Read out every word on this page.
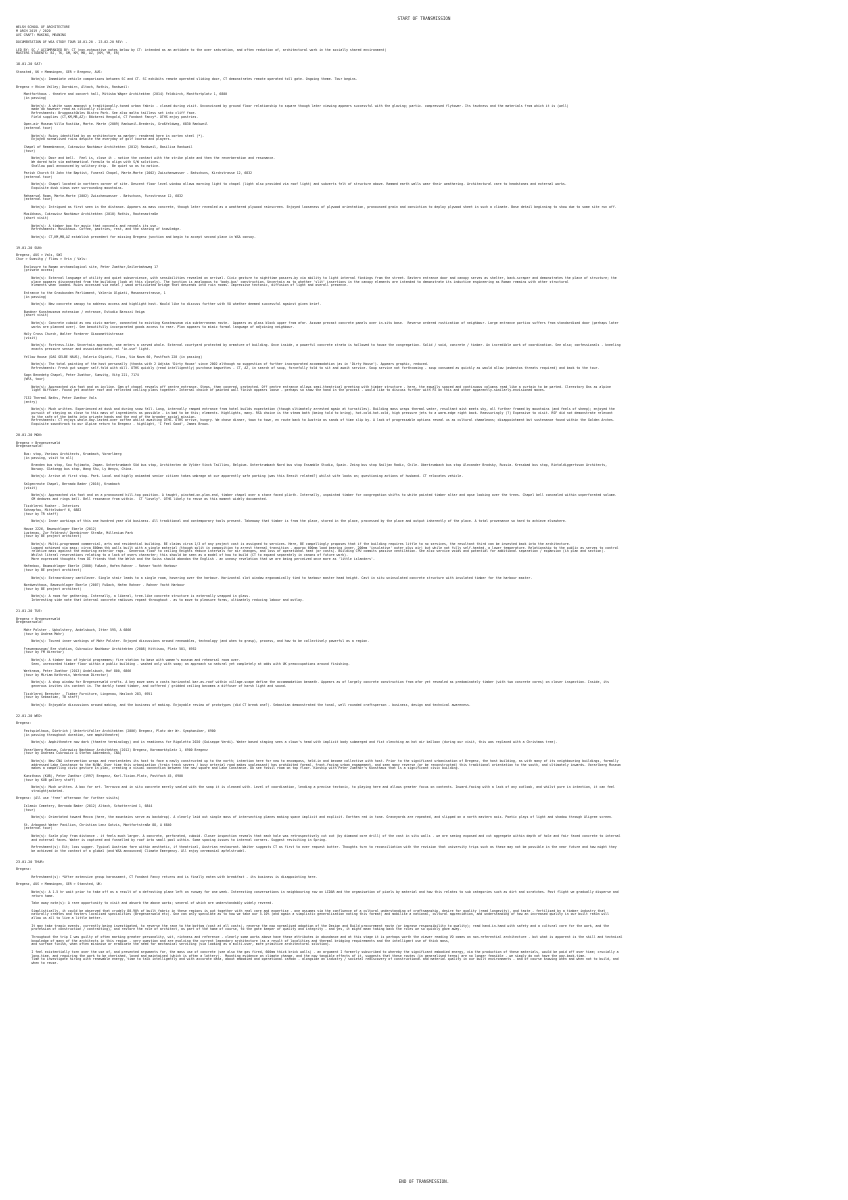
START OF TRANSMISSION
WELSH SCHOOL OF ARCHITECTURE
M ARCH 2019 / 2020
AVI CRAFT: MAKING, MEANING

DOCUMENTATION OF WSA STUDY TOUR 18.01.20 - 23.02.20 REV: -

LED BY: SC / ACCOMPANIED BY: CT (non-exhaustive notes below by CT: intended as an antidote to the over saturation, and often reduction of, architectural work in the socially shared environment)
MASTERS STUDENTS: BJ, TK, GM, KM, MB, AZ, (KM, YM, ER)
18.01.20 SAT:
Stansted, UK > Memmingen, GER > Bregenz, AUS:

Note(s): Immediate vehicle comparisons between SC and CT. SC exhibits remote operated sliding door, CT demonstrates remote operated toll gate. Ongoing theme. Tour begins.

Bregenz > Rhine Valley; Dornbirn, Altach, Rothis, Rankweil:

Montforthaus - theatre and concert hall, Mitiska Wäger Architekten (2014) Feldkirch, Montfortplatz 1, 6800
(in passing)

Note(s): A white swan amongst a traditionally-toned urban fabric - closed during visit. Unconvinced by ground floor relationship to square though later viewing appears successful with the glazing; partic. compressed flytower. Its tautness and the materials from which it is (well)
made do however read as civically clinical.
Refreshments: Bruggasstübles Bistro Pork. See also malta tailless set into cliff face.
Field supplies (CT,KM,MB,AZ): Bäckerei Hengold, CT Fondant Fancy*. OTHS enjoy pastries.

Open-air Museum Villa Rustika, Marte. Marte (2009) Rankweil-Brederis, Großfeldweg, 6830 Rankweil
(external tour)

Note(s): Ruins identified by an architecture as marker; rendered here in corten steel (*).
Enjoyed normalised ruins despite the everyday of golf course and players.

Chapel of Remembrance, Cukrowicz Nachbaur Architekten (2012) Rankweil, Basilica Rankweil
(tour)

Note(s): Door and bell.  Feel is, close it - notice the contact with the strike plate and then the reverberation and resonance.
We dared hole via mathematical formula to align with S/W solstices.
Shallow pool announced by solitary drip.  Be quiet so as to notice.

Parish Church St John the Baptist, Funeral Chapel, Marte.Marte (2002) Zwischenwasser - Batschuns, Kirchstrasse 12, 6832
(external tour)

Note(s): Chapel located in northern corner of site. Descent floor level window allows morning light to chapel (light also provided via roof light) and subverts felt of structure above. Rammed earth walls wear their weathering. Architectural care to headstones and external works.
Exquisite dusk views over surrounding mountains.

Rehearsal Room, Marte.Marte (2002) Zwischenwasser - Batschuns, Furxstrasse 12, 6832
(external tour)

Note(s): Intrigued as first seen in the distance. Appears as mass concrete, though later revealed as a weathered plywood rainscreen. Enjoyed looseness of plywood orientation, pronounced grain and conviction to deploy plywood sheet in such a climate. Base detail beginning to show due to some site run off.

Musikhaus, Cukrowicz Nachbaur Architekten (2010) Rothis, Rautenastraße
(short visit)

Note(s): A timber box for music that conceals and reveals its use.
Refreshments: Musikhaus. Coffee, pastries, rest, and the sharing of knowledge.

Note(s): CT,KM,MB,AZ establish precedent for missing Bregenz junction and begin to accept second place in WSA convoy.
19.01.20 SUN:
Bregenz, AUS > Vals, SWI
Chur > Sumvitg / Flims > Vrin / Vals:

Enclosure to Roman archaeological site, Peter Zumthor,Seilerbahnweg 17
(private access)

Note(s): External language of utility and quiet subservience, with sensibilities revealed on arrival. Civic gesture to nighttime passers-by via ability to light internal findings from the street. Eastern entrance door and canopy serves as shelter, back-scraper and demonstrates the place of structure; the
place appears disconnected from the building (look at this closely). The junction is analogous to 'body-bus' construction. Uncertain as to whether 'slit' insertions in the canopy elements are intended to demonstrate its inductive engineering as Roman remains with other structural
elements when loaded. Ruins accessed via easel / wood articulated bridge that descends into ruin rooms. Impressive tectonic, diffusion of light and overall presence.

Entrance to the Graubunden Parliament, Valerio Olgiati, Masanserstrasse, 1
(in passing)

Note(s): New concrete canopy to address access and highlight host. Would like to discuss further with VO whether deemed successful against given brief.

Bundner Kunstmuseum extension / entrance, Estudio Barozzi Veiga
(short visit)

Note(s): Concrete cuboid as new civic marker, connected to existing Kunstmuseum via subterranean route.  Appears as glass block upper from afar. Assume precast concrete panels over in-situ base.  Reverse ordered rustication of neighbour. Large entrance portico suffers from standardised door (perhaps later
works are planned over). See beautifully incorporated goods access to rear. Plan appears to mimic formal language of adjoining neighbour.

Holy Cross Church, Walter Forderer Giacomettistrasse
(visit)

Note(s): Fortress-like. Uncertain approach, one enters a carved whole. External courtyard protected by armature of building. Once inside, a powerful concrete strata is hollowed to house the congregation. Solid / void, concrete / timber. An incredible work of coordination. See also; confessionals - kneeling
enacts pressure sensor and associated external "in-use" light.

Yellow House (DAS GELBE HAUS), Valerio Olgiati, Flims, Via Nova 60, PostFach 220 (in passing)

Note(s): The total painting of the host personally (thanks with 2 Adjska 'Dirty House' since 2002 although no suggestion of further incorporated accommodation (as in 'Dirty House'). Appears graphic, reduced.
Refreshments: Fresh gut sauger self-fold with dill. OTHS quickly (read intelligently) purchase baguettes - CT, AZ, in search of soup, forcefully told to sit and await service. Soup service not forthcoming - soup consumed as quickly as would allow (asbestos threats required) and back to the tour.

Sogn Benedetg Chapel, Peter Zumthor, Sumvitg, Vitg 221, 7174
(WFA, tour)

Note(s): Approached via foot and on incline. Gem of chapel reveals off centre entrance. Steps, then covered, protected. Off centre entrance allows semi-theatrical greeting with timber structure - here, the equally spaced and continuous columns read like a curtain to be parted. Clerestory 8ns as alpine
light diffuser. Found yet another roof and reflected ceiling plans together. Internal choice of painted wall finish appears loose - perhaps so show the hand in the process - would like to discuss further with PZ on this and other apparently-similarly-envisioned moves.

7132 Thermal Baths, Peter Zumthor Vals
(entry)

Note(s): Much written. Experienced at dusk and during snow fall. Long, internally ramped entrance from hotel builds expectation (though ultimately arrested again at turnstiles). Building mass wraps thermal water, resultant mist meets sky, all further framed by mountains (and feels of sheep); enjoyed the
pursuit of staying as close to this mass of ingredients as possible - in bad to be this; elements. Highlights, many. RSA choice is the steam bath (being told to bring), hot-cold-hot-cold, high pressure jets to a warm-edge right back. Reassuringly (?) Expensive to visit. RSF did not demonstrate relevant
to the safe of the baths into private hands and the end of the broader social mission.
Refreshments: CT enjoys whole-day-lasted-over coffee whilst awaiting OTHS. OTHS arrive, hungry. We chase dinner, town to town, en route back to Austria as sands of time slip by. A lack of progressable options reveal us as cultural chameleons; disappointment but sustenance found within the Golden Arches.
Exquisite soundtrack to our Alpine return to Bregenz - highlight, 'I Feel Good', James Brown.
20.01.20 MON:
Bregenz > Bregenzerwald
Bregenzerwald:

Bus: stop, Various Architects, Krumbach, Vorarlberg
(in passing, visit to all)

Branden bus stop, Sou Fujimoto, Japan. Unterkrumbach Süd bus stop, Architecten de Vylder Vinck Taillieu, Belgium. Unterkrumbach Nord bus stop Ensamble Studio, Spain. Zeing bus stop Smiljan Radic, Chile. Oberkrumbach bus stop Alexander Brodsky, Russia. Kressbad bus stop, Rintaldiggertsson Architects,
Norway. Glatzegg bus stop, Wang Shu, Ly Wenyu, China.

Note(s): Arrive at first stop. Park. Local and highly animated senior citizen takes umbrage at our apparently safe parking (was this Brexit related?) whilst wife looks on; questioning actions of husband. CT relocates vehicle.

Salgenreute Chapel, Bernado Bader (2016), Krumbach
(visit)

Note(s): Approached via foot and on a pronounced hill-top position. A taught, pinched-on-plan-end, timber chapel over a stone faced plinth. Internally, unpainted timber for congregation shifts to white painted timber altar and apse looking over the trees. Chapel bell concealed within unperforated volume.
GM dedaves and rings bell. Bell resonance from within.  CT "Lovely". OTHS likely to reuse as this moment widely documented.

Tischlerei Rusher - Interiors
Schnepfau, Mittelsdorf 6, 6882
(tour by TR staff)

Note(s): Inner workings of this one hundred year old business. All traditional and contemporary tools present. Takeaway that timber is from the place, stored in the place, processed by the place and output inherently of the place. A total provenance so hard to achieve elsewhere.

House 2226, Baumschlager Eberle (2012)
Lustenau, Zur Feldrast/ Dornbirner Straße, Millenium Park
(tour by BE project architect)

Note(s): Multi-programmed commercial, arts and residential building. BE claims circa 1/3 of any project cost is assigned to services. Here, BE compellingly proposes that if the building requires little to no services, the resultant third can be invested back into the architecture.
Lumped achieved via mass; circa 800mm thk walls built with a single material (though split in composition to arrest thermal transition - approx 600mm load bearing inner, 200mm 'insulative' outer plus air) but while not fully self-heated, a lower temperature. Relationship to the public as serves to control
relative mass against the enduring exterior rags.  Generous floor to ceiling heights reduce intervals for air changes, and loss of operational heat (or costs). Building CPU commits passive ventilation. See also service voids and potential for additional separation / expansion (in plan and section).
Whilst literal reservations relating to a lack of overs character; this should be seen as a model of how to build (CT to expand separately in canons of future work).
More expressed thoughts from DI friends that the Welsh and the Swiss should abandon the English - an uneasy revelation that we are being perceived once more as 'little islanders'.

Hafenbox, Baumschlager Eberle (2000) Fußach, Hafen Rohner - Rohner Yacht Harbour
(tour by BE project architect)

Note(s): Extraordinary cantilever. Single stair leads to a single room, hovering over the harbour. Horizontal slot window ergonomically tied to harbour master head height. Cast in situ uninsulated concrete structure with insulated timber for the harbour master.

Nordwesthaus, Baumschlager Eberle (2007) Fußach, Hafen Rohner - Rohner Yacht Harbour
(tour by BE project architect)

Note(s): A room for gathering. Internally, a liberal, tree-like concrete structure is externally wrapped in glass.
Interesting side note that internal concrete radiuses repeat throughout - as to move to pleasure forms, ultimately reducing labour and outlay.
21.01.20 TUE:
Bregenz > Bregenzerwald
Bregenzerwald:

Mohr Polster - Upholstery, Andelsbuch, Itter 595, A 6866
(tour by Andrea Mohr)

Note(s): Toured inner workings of Mohr Polster. Enjoyed discussions around renewables, technology (and when to grasp), process, and how to be collectively powerful as a region.

Frauenmuseum/ Bre station, Cukrowicz Nachbaur Architekten (2008) Hittisau, Platz 501, 6952
(tour by FM director)

Note(s): A timber box of hybrid programmes; fire station to base with women's museum and rehearsal room over.
Seen, unrecorded timber floor within a public building - washed only with soap; an approach so natural yet completely at odds with UK preoccupations around finishing.

Werkraum, Peter Zumthor (2013) Andelsbuch, Hof 800, 6866
(tour by Miriam Kathrein, Werkraum Director)

Note(s): A shop window for Bregenzerwald crafts. A key move sees a costs horizontal bar-as-roof within village-scape define the accommodation beneath. Appears as of largely concrete construction from afar yet revealed as predominately timber (with two concrete cores) on closer inspection. Inside, its
generous invites its content in. The darkly toned timber, and coffered / gridded ceiling becomes a diffuser of harsh light and sound.

Tischlerei Bereuter - Timber Furniture, Lingenau, Hasloch 283, 6951
(tour by Sebastian, TB staff)

Note(s): Enjoyable discussions around making, and the business of making. Enjoyable review of prototypes (did CT break one?). Sebastian demonstrated the tonal, well rounded craftsperson - business, design and technical awareness.
22.01.20 WED:
Bregenz:

Festspielhaus, Dietrich | Untertrifaller Architekten (2006) Bregenz, Platz der Wr. Symphoniker, 6900
(in passing throughout duration, see amphitheatre)

Note(s): Amphitheatre now dark (theatre terminology) and in readiness for Rigoletto 2020 (Guiseppe Verdi). Water based staging sees a clown's head with implicit body submerged and fist clenching an hot air balloon (during our visit, this was replaced with a Christmas tree).

Vorarlberg Museum, Cukrowicz Nachbaur Architekten (2012) Bregenz, Kornmarktplatz 1, 6900 Bregenz
(tour by Andreas Cukrowicz & Stefan Abbredeck, CNA)

Note(s): New CNA intervention wraps and reorientates its host to face a newly constructed up to the north; intention here for new to encompass, held-in and become collective with host. Prior to the significant urbanisation of Bregenz, the host building, as with many of its neighbouring buildings, formally
addressed Lake Constance to the N/NW. Over time this urbanisation (train track severs / busy arterial road makes unpleasant) has prohibited formal, front-facing urban engagement, and seen many reverse (or be reconstructed) this traditional orientation to the south, and ultimately inwards. Vorarlberg Museum
makes a compelling civic gesture in plan, creating a visual connection between the new square and Lake Constance. Do see fossil room on top floor. Kinship with Peter Zumthor's Kunsthaus that is a significant civic building.

Kunsthaus (KUB), Peter Zumthor (1997) Bregenz, Karl-Tizian-Platz, Postfach 45, 6900
(tour by KUB gallery staff)

Note(s): Much written. A box for art. Terrazzo and in situ concrete merely sealed with the soap it is cleaned with. Level of coordination, lending a precise tectonic, to playing here and allows greater focus on contents. Inward-facing with a lack of any outlook, and whilst pure in intention, it can feel
straightjacketed.

Bregenz: (All use 'free' afternoon for further visits)

Islamic Cemetery, Bernado Bader (2012) Altach, Schotterried 1, 6844
(tour)

Note(s): Orientated toward Mecca (here, the mountains serve as backdrop). A clearly laid out simple mass of intersecting planes making space implicit and explicit. Earthen red in tone. Graveyards are repeated, and slipped on a north eastern axis. Poetic plays of light and shadow through Aligree screen.

St. Arbogast Water Pavilion, Christian Lenz Gotzis, Montfortstraße 88, A 6840
(external tour)

Note(s): Scale play from distance - it feels much larger. A concrete, perforated, cuboid. Closer inspection reveals that each hole was retrospectively cut out (by diamond core drill) of the cast in situ walls - we are seeing exposed and cut aggregate within depth of hole and fair faced concrete to internal
and external faces. Water is captured and funnelled by roof into small pool within. Some spacing issues to internal corners. Suggest revisiting in Spring.

Refreshment(s): Eit; loss sugger. Typical Austrian fare within aesthetic, if theatrical, Austrian restaurant. Waiter suggests CT as first to ever request butter. Thoughts turn to reconciliation with the revision that university trips such as these may not be possible in the near future and how might they
be achieved in the context of a global (and WSA announced) Climate Emergency. All enjoy ceremonial apfelstrudel.
23.01.20 THUR:
Bregenz:

Refreshment(s): *After extensive group harassment, CT Fondant Fancy returns and is finally eaten with breakfast - its business is disappointing here.

Bregenz, AUS > Memmingen, GER > Stansted, UK:

Note(s): A 1.5 hr wait prior to take off as a result of a defrosting plane left on runway for one week. Interesting conversations in neighbouring row on LIDAR and the organisation of pixels by material and how this relates to sub categories such as dirt and scratches. Post flight we gradually disperse and
return home.

Take away note(s): A rare opportunity to visit and absorb the above works; several of which are understandably widely revered.

Simplistically, it could be observed that crudely 80-90% of built fabric in these regions is put together with real care and expertise - one assumes via the confluence of a cultural understanding of craftsmanship, desire for quality (read longevity), and taste - fertilised by a timber industry that
naturally creates and fosters localised specialities (Bregenzerwald etc). One can only speculate as to how we take our 5-10% (and again a simplistic generalisation noting this format) and mobilise a national, cultural appreciation, and understanding of how an increased quality in our built realm will
allow us all to live a little better.

It may take tragic events, currently being investigated, to reverse the race to the bottom (cost at all costs), reverse the now normalised adoption of the Design and Build procurement route (or improve responsibility to quality); read hand-in-hand with safety and a cultural care for the work, and the
profession of construction / contracting), and restore the role of architect, as part of the home of course, to the gate keeper of quality and integrity - and yes, it might mean taking back the roles we so quickly gave away.

Throughout the trip I was guilty of often marking greater personality, wit, richness and reference - clearly some works above have these attributes in abundance and at this stage it is perhaps worth the viewer reading VO comes on non-referential architecture - but what is apparent is the skill and technical
knowledge of many of the architects in this region - very question and are evolving the current legendary architecture (as a result of localities and thermal bridging requirements and the intelligent use of thick mass,
and surface finish, when often minimise or eradicate the need for mechanical servicing (via looking as a multi-user, more primitive architectural solution).

I feel existentially torn over the use of, and presented arguments for, the mass use of concrete (see also the gas fired, 600mm thick brick walls) - an argument I formerly subscribed to whereby the significant embodied energy, via the production of these materials, would be paid off over time; crucially a
long-time, and requiring the work to be cherished, loved and maintained (which is often a lottery).  Mounting evidence on climate change, and the now tangible effects of it, suggests that these routes (in generalised terms) are no longer feasible - we simply do not have the pay-back-time.
Time to investigate hiring with renewable energy, time to talk intelligently and with accurate data, about embodied and operational carbon - alongside an industry / societal rediscovery of constructional and material quality in our built environments - and of course knowing when and when not to build, and
when to reuse.
END OF TRANSMISSION.
